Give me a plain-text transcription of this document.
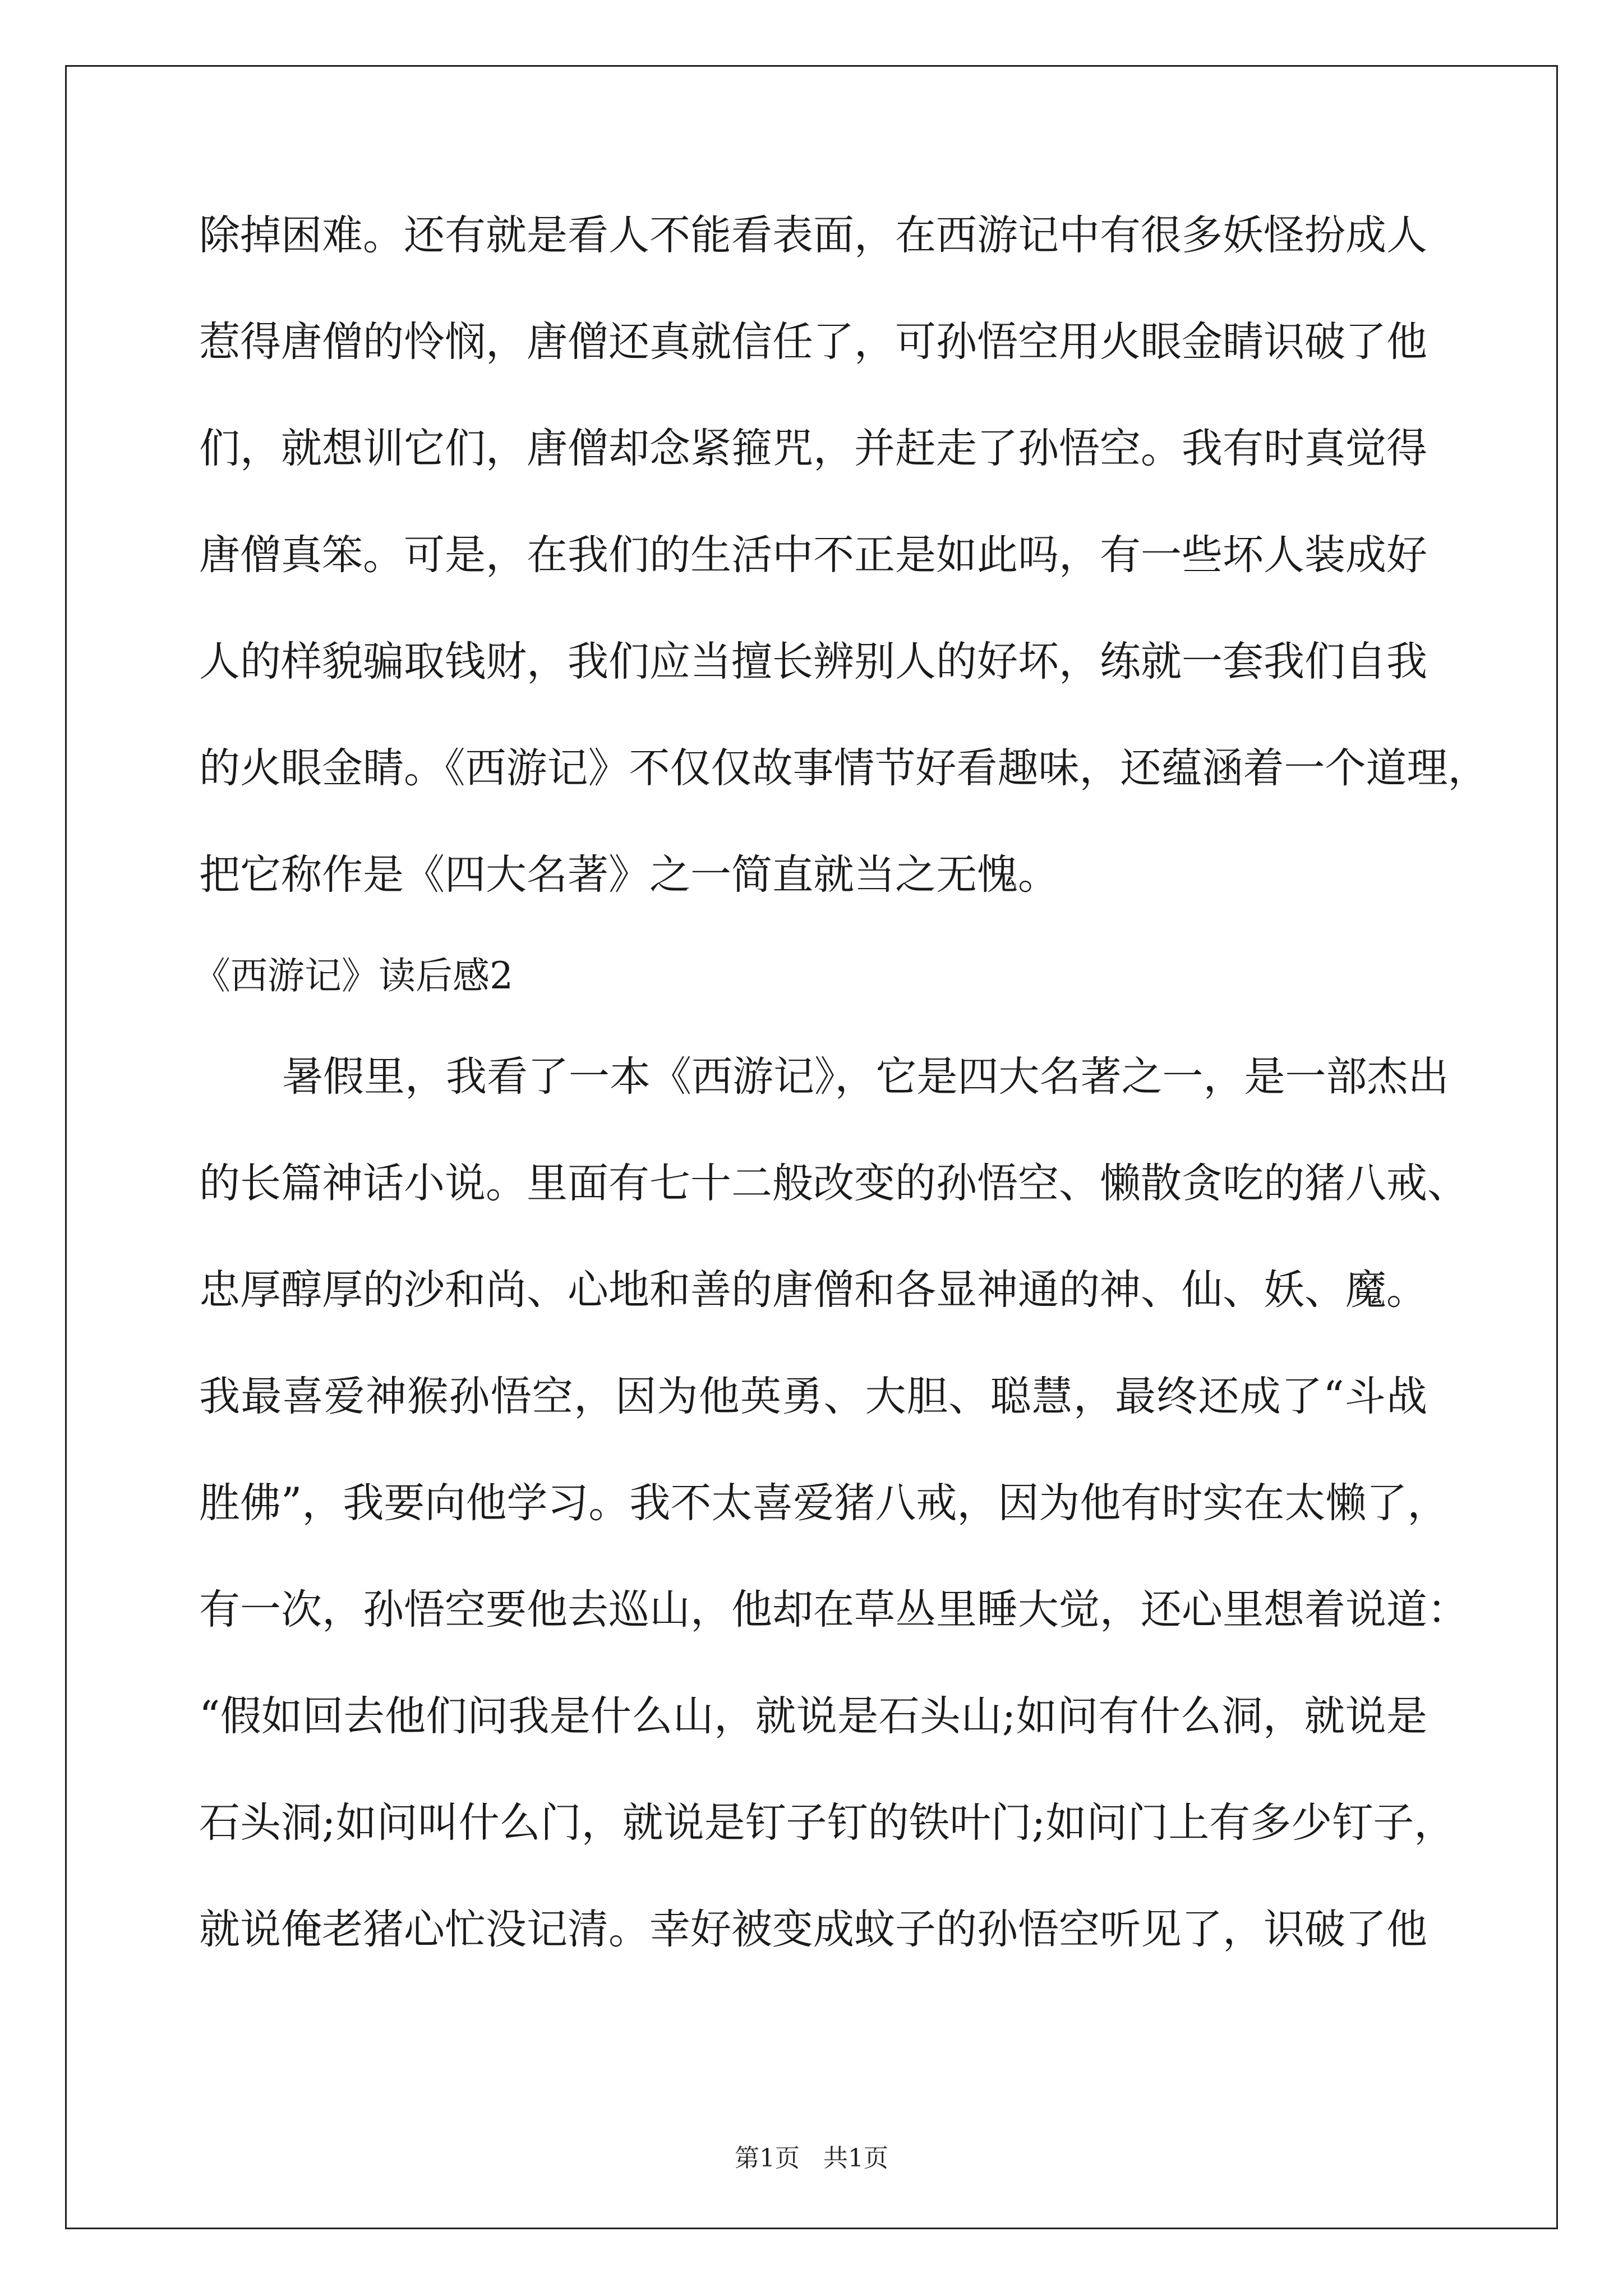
除掉困难。还有就是看人不能看表面，在西游记中有很多妖怪扮成人
惹得唐僧的怜悯，唐僧还真就信任了，可孙悟空用火眼金睛识破了他
们，就想训它们，唐僧却念紧箍咒，并赶走了孙悟空。我有时真觉得
唐僧真笨。可是，在我们的生活中不正是如此吗，有一些坏人装成好
人的样貌骗取钱财，我们应当擅长辨别人的好坏，练就一套我们自我
的火眼金睛。《西游记》不仅仅故事情节好看趣味，还蕴涵着一个道理，
把它称作是《四大名著》之一简直就当之无愧。
《西游记》读后感2
暑假里，我看了一本《西游记》，它是四大名著之一，是一部杰出
的长篇神话小说。里面有七十二般改变的孙悟空、懒散贪吃的猪八戒、
忠厚醇厚的沙和尚、心地和善的唐僧和各显神通的神、仙、妖、魔。
我最喜爱神猴孙悟空，因为他英勇、大胆、聪慧，最终还成了“斗战
胜佛”，我要向他学习。我不太喜爱猪八戒，因为他有时实在太懒了，
有一次，孙悟空要他去巡山，他却在草丛里睡大觉，还心里想着说道：
“假如回去他们问我是什么山，就说是石头山;如问有什么洞，就说是
石头洞;如问叫什么门，就说是钉子钉的铁叶门;如问门上有多少钉子，
就说俺老猪心忙没记清。幸好被变成蚊子的孙悟空听见了，识破了他
第1页 共1页
